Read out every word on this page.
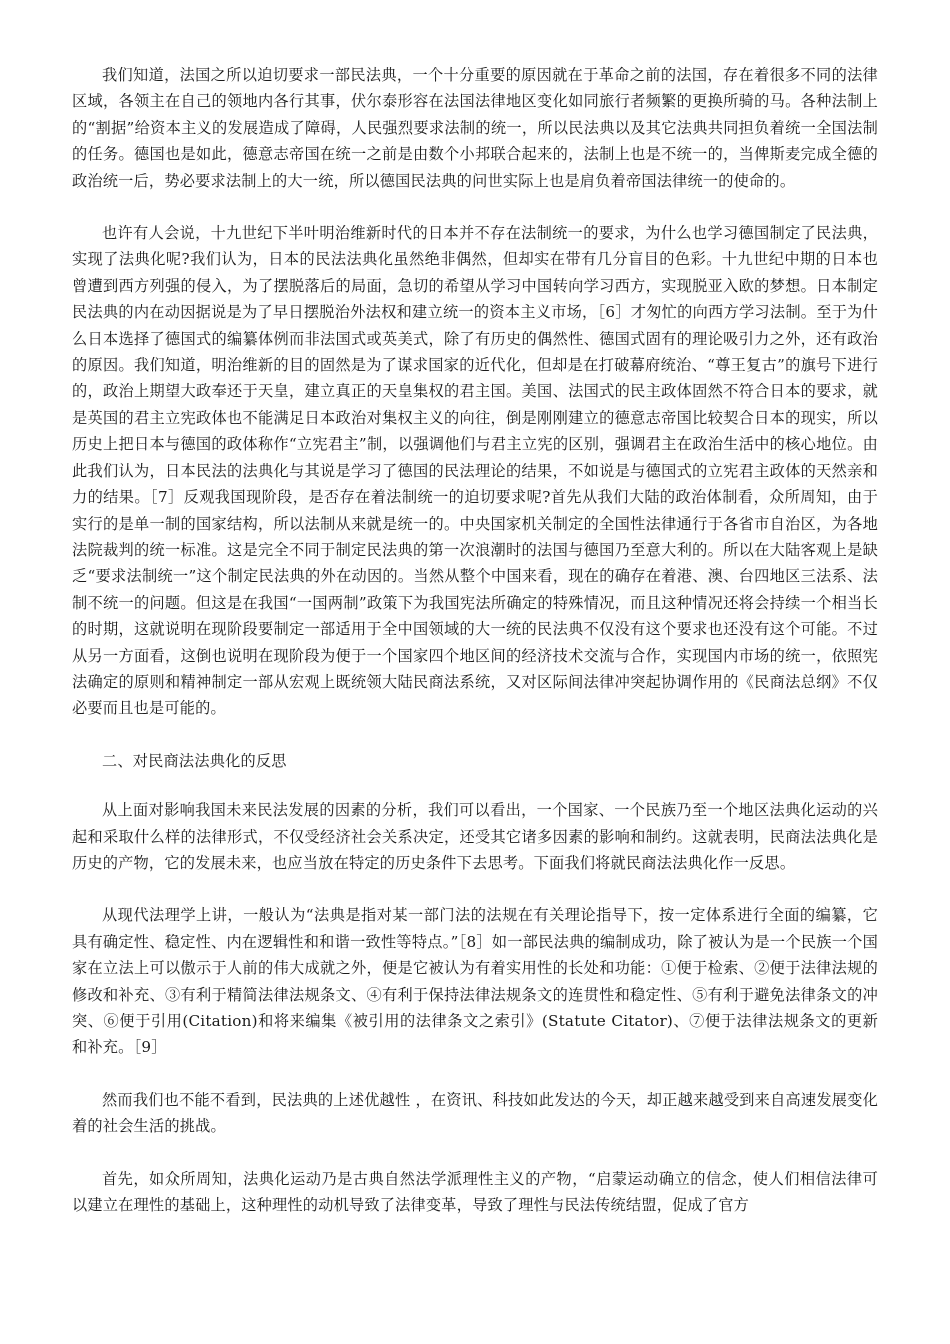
我们知道，法国之所以迫切要求一部民法典，一个十分重要的原因就在于革命之前的法国，存在着很多不同的法律区域，各领主在自己的领地内各行其事，伏尔泰形容在法国法律地区变化如同旅行者频繁的更换所骑的马。各种法制上的“割据”给资本主义的发展造成了障碍，人民强烈要求法制的统一，所以民法典以及其它法典共同担负着统一全国法制的任务。德国也是如此，德意志帝国在统一之前是由数个小邦联合起来的，法制上也是不统一的，当俾斯麦完成全德的政治统一后，势必要求法制上的大一统，所以德国民法典的问世实际上也是肩负着帝国法律统一的使命的。

也许有人会说，十九世纪下半叶明治维新时代的日本并不存在法制统一的要求，为什么也学习德国制定了民法典，实现了法典化呢?我们认为，日本的民法法典化虽然绝非偶然，但却实在带有几分盲目的色彩。十九世纪中期的日本也曾遭到西方列强的侵入，为了摆脱落后的局面，急切的希望从学习中国转向学习西方，实现脱亚入欧的梦想。日本制定民法典的内在动因据说是为了早日摆脱治外法权和建立统一的资本主义市场，［6］才匆忙的向西方学习法制。至于为什么日本选择了德国式的编纂体例而非法国式或英美式，除了有历史的偶然性、德国式固有的理论吸引力之外，还有政治的原因。我们知道，明治维新的目的固然是为了谋求国家的近代化，但却是在打破幕府统治、“尊王复古”的旗号下进行的，政治上期望大政奉还于天皇，建立真正的天皇集权的君主国。美国、法国式的民主政体固然不符合日本的要求，就是英国的君主立宪政体也不能满足日本政治对集权主义的向往，倒是刚刚建立的德意志帝国比较契合日本的现实，所以历史上把日本与德国的政体称作“立宪君主”制，以强调他们与君主立宪的区别，强调君主在政治生活中的核心地位。由此我们认为，日本民法的法典化与其说是学习了德国的民法理论的结果，不如说是与德国式的立宪君主政体的天然亲和力的结果。［7］反观我国现阶段，是否存在着法制统一的迫切要求呢?首先从我们大陆的政治体制看，众所周知，由于实行的是单一制的国家结构，所以法制从来就是统一的。中央国家机关制定的全国性法律通行于各省市自治区，为各地法院裁判的统一标准。这是完全不同于制定民法典的第一次浪潮时的法国与德国乃至意大利的。所以在大陆客观上是缺乏“要求法制统一”这个制定民法典的外在动因的。当然从整个中国来看，现在的确存在着港、澳、台四地区三法系、法制不统一的问题。但这是在我国“一国两制”政策下为我国宪法所确定的特殊情况，而且这种情况还将会持续一个相当长的时期，这就说明在现阶段要制定一部适用于全中国领域的大一统的民法典不仅没有这个要求也还没有这个可能。不过从另一方面看，这倒也说明在现阶段为便于一个国家四个地区间的经济技术交流与合作，实现国内市场的统一，依照宪法确定的原则和精神制定一部从宏观上既统领大陆民商法系统，又对区际间法律冲突起协调作用的《民商法总纲》不仅必要而且也是可能的。

二、对民商法法典化的反思

从上面对影响我国未来民法发展的因素的分析，我们可以看出，一个国家、一个民族乃至一个地区法典化运动的兴起和采取什么样的法律形式，不仅受经济社会关系决定，还受其它诸多因素的影响和制约。这就表明，民商法法典化是历史的产物，它的发展未来，也应当放在特定的历史条件下去思考。下面我们将就民商法法典化作一反思。

从现代法理学上讲，一般认为“法典是指对某一部门法的法规在有关理论指导下，按一定体系进行全面的编纂，它具有确定性、稳定性、内在逻辑性和和谐一致性等特点。”［8］如一部民法典的编制成功，除了被认为是一个民族一个国家在立法上可以傲示于人前的伟大成就之外，便是它被认为有着实用性的长处和功能：①便于检索、②便于法律法规的修改和补充、③有利于精简法律法规条文、④有利于保持法律法规条文的连贯性和稳定性、⑤有利于避免法律条文的冲突、⑥便于引用(Citation)和将来编集《被引用的法律条文之索引》(Statute Citator)、⑦便于法律法规条文的更新和补充。［9］

然而我们也不能不看到，民法典的上述优越性 ，在资讯、科技如此发达的今天，却正越来越受到来自高速发展变化着的社会生活的挑战。

首先，如众所周知，法典化运动乃是古典自然法学派理性主义的产物，“启蒙运动确立的信念，使人们相信法律可以建立在理性的基础上，这种理性的动机导致了法律变革，导致了理性与民法传统结盟，促成了官方
